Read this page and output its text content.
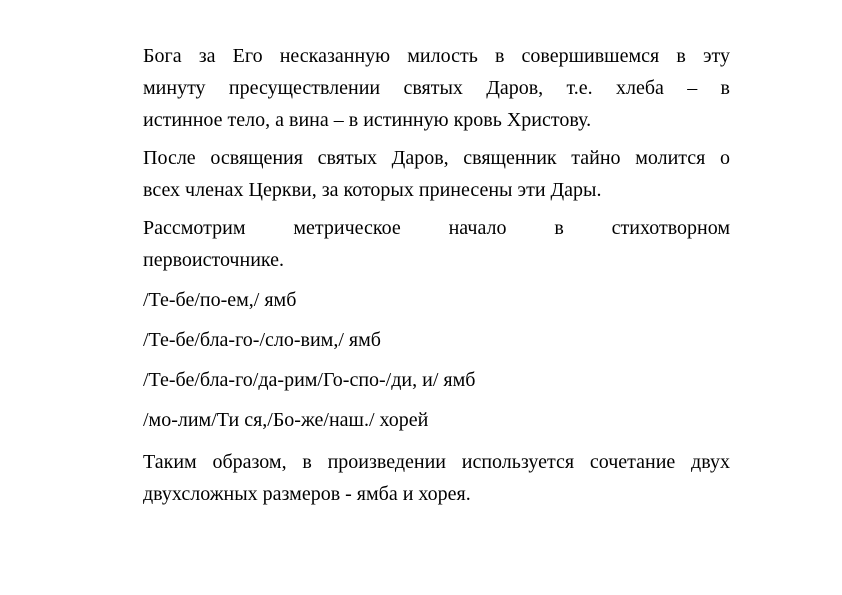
Бога за Его несказанную милость в совершившемся в эту
минуту пресуществлении святых Даров, т.е. хлеба – в
истинное тело, а вина – в истинную кровь Христову.
После освящения святых Даров, священник тайно молится о
всех членах Церкви, за которых принесены эти Дары.
Рассмотрим метрическое начало в стихотворном
первоисточнике.
/Те-бе/по-ем,/ ямб
/Те-бе/бла-го-/сло-вим,/ ямб
/Те-бе/бла-го/да-рим/Го-спо-/ди, и/ ямб
/мо-лим/Ти ся,/Бо-же/наш./ хорей
Таким образом, в произведении используется сочетание двух
двухсложных размеров - ямба и хорея.
